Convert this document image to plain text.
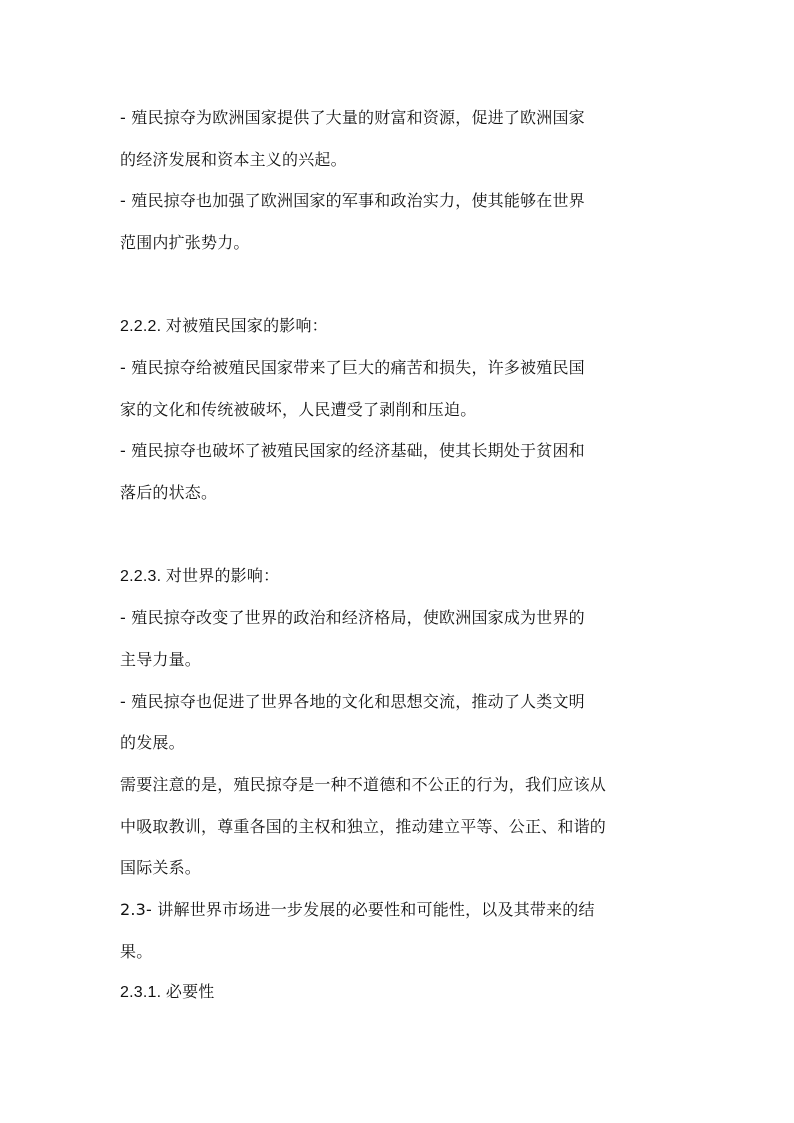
- 殖民掠夺为欧洲国家提供了大量的财富和资源，促进了欧洲国家
的经济发展和资本主义的兴起。
- 殖民掠夺也加强了欧洲国家的军事和政治实力，使其能够在世界
范围内扩张势力。
2.2.2. 对被殖民国家的影响：
- 殖民掠夺给被殖民国家带来了巨大的痛苦和损失，许多被殖民国
家的文化和传统被破坏，人民遭受了剥削和压迫。
- 殖民掠夺也破坏了被殖民国家的经济基础，使其长期处于贫困和
落后的状态。
2.2.3. 对世界的影响：
- 殖民掠夺改变了世界的政治和经济格局，使欧洲国家成为世界的
主导力量。
- 殖民掠夺也促进了世界各地的文化和思想交流，推动了人类文明
的发展。
需要注意的是，殖民掠夺是一种不道德和不公正的行为，我们应该从
中吸取教训，尊重各国的主权和独立，推动建立平等、公正、和谐的
国际关系。
2.3- 讲解世界市场进一步发展的必要性和可能性，以及其带来的结
果。
2.3.1. 必要性
